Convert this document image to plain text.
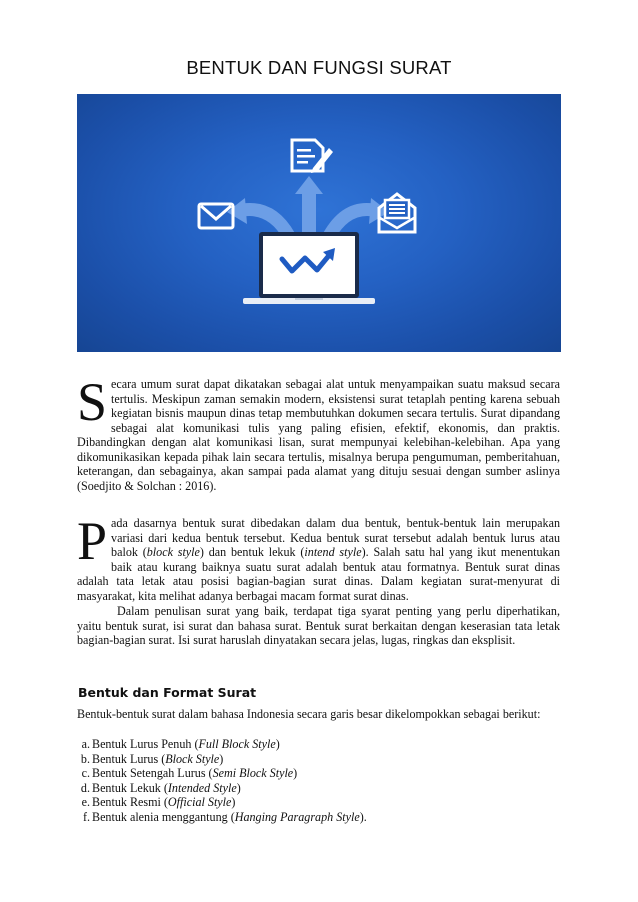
BENTUK DAN FUNGSI SURAT
Secara umum surat dapat dikatakan sebagai alat untuk menyampaikan suatu maksud secara tertulis. Meskipun zaman semakin modern, eksistensi surat tetaplah penting karena sebuah kegiatan bisnis maupun dinas tetap membutuhkan dokumen secara tertulis. Surat dipandang sebagai alat komunikasi tulis yang paling efisien, efektif, ekonomis, dan praktis. Dibandingkan dengan alat komunikasi lisan, surat mempunyai kelebihan-kelebihan. Apa yang dikomunikasikan kepada pihak lain secara tertulis, misalnya berupa pengumuman, pemberitahuan, keterangan, dan sebagainya, akan sampai pada alamat yang dituju sesuai dengan sumber aslinya (Soedjito & Solchan : 2016).
Pada dasarnya bentuk surat dibedakan dalam dua bentuk, bentuk-bentuk lain merupakan variasi dari kedua bentuk tersebut. Kedua bentuk surat tersebut adalah bentuk lurus atau balok (block style) dan bentuk lekuk (intend style). Salah satu hal yang ikut menentukan baik atau kurang baiknya suatu surat adalah bentuk atau formatnya. Bentuk surat dinas adalah tata letak atau posisi bagian-bagian surat dinas. Dalam kegiatan surat-menyurat di masyarakat, kita melihat adanya berbagai macam format surat dinas.
Dalam penulisan surat yang baik, terdapat tiga syarat penting yang perlu diperhatikan, yaitu bentuk surat, isi surat dan bahasa surat. Bentuk surat berkaitan dengan keserasian tata letak bagian-bagian surat. Isi surat haruslah dinyatakan secara jelas, lugas, ringkas dan eksplisit.
Bentuk dan Format Surat
Bentuk-bentuk surat dalam bahasa Indonesia secara garis besar dikelompokkan sebagai berikut:
a. Bentuk Lurus Penuh (Full Block Style)
b. Bentuk Lurus (Block Style)
c. Bentuk Setengah Lurus (Semi Block Style)
d. Bentuk Lekuk (Intended Style)
e. Bentuk Resmi (Official Style)
f. Bentuk alenia menggantung (Hanging Paragraph Style).
